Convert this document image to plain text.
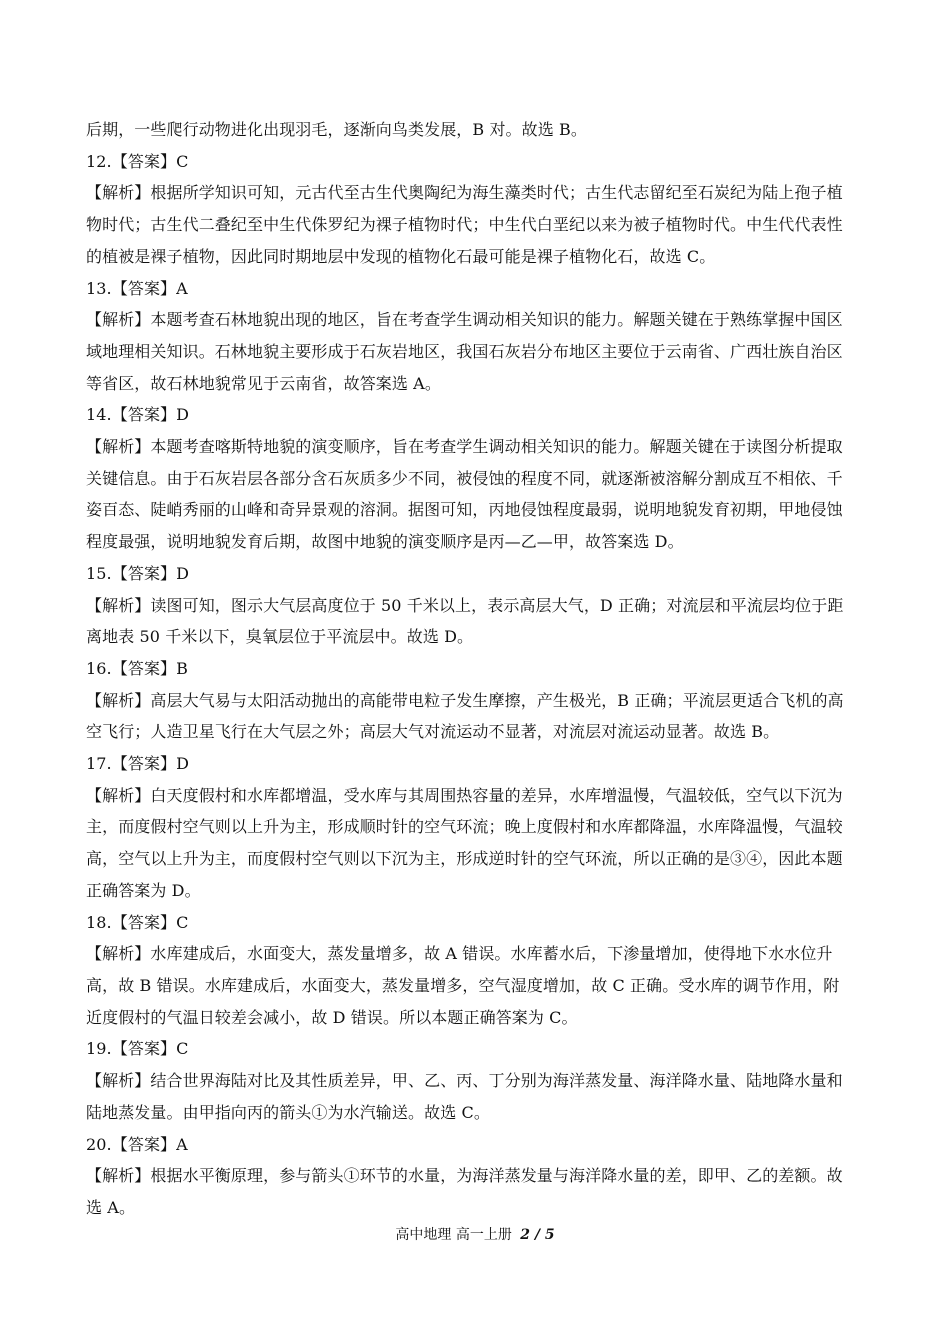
后期，一些爬行动物进化出现羽毛，逐渐向鸟类发展，B 对。故选 B。
12.【答案】C
【解析】根据所学知识可知，元古代至古生代奥陶纪为海生藻类时代；古生代志留纪至石炭纪为陆上孢子植
物时代；古生代二叠纪至中生代侏罗纪为裸子植物时代；中生代白垩纪以来为被子植物时代。中生代代表性
的植被是裸子植物，因此同时期地层中发现的植物化石最可能是裸子植物化石，故选 C。
13.【答案】A
【解析】本题考查石林地貌出现的地区，旨在考查学生调动相关知识的能力。解题关键在于熟练掌握中国区
域地理相关知识。石林地貌主要形成于石灰岩地区，我国石灰岩分布地区主要位于云南省、广西壮族自治区
等省区，故石林地貌常见于云南省，故答案选 A。
14.【答案】D
【解析】本题考查喀斯特地貌的演变顺序，旨在考查学生调动相关知识的能力。解题关键在于读图分析提取
关键信息。由于石灰岩层各部分含石灰质多少不同，被侵蚀的程度不同，就逐渐被溶解分割成互不相依、千
姿百态、陡峭秀丽的山峰和奇异景观的溶洞。据图可知，丙地侵蚀程度最弱，说明地貌发育初期，甲地侵蚀
程度最强，说明地貌发育后期，故图中地貌的演变顺序是丙—乙—甲，故答案选 D。
15.【答案】D
【解析】读图可知，图示大气层高度位于 50 千米以上，表示高层大气，D 正确；对流层和平流层均位于距
离地表 50 千米以下，臭氧层位于平流层中。故选 D。
16.【答案】B
【解析】高层大气易与太阳活动抛出的高能带电粒子发生摩擦，产生极光，B 正确；平流层更适合飞机的高
空飞行；人造卫星飞行在大气层之外；高层大气对流运动不显著，对流层对流运动显著。故选 B。
17.【答案】D
【解析】白天度假村和水库都增温，受水库与其周围热容量的差异，水库增温慢，气温较低，空气以下沉为
主，而度假村空气则以上升为主，形成顺时针的空气环流；晚上度假村和水库都降温，水库降温慢，气温较
高，空气以上升为主，而度假村空气则以下沉为主，形成逆时针的空气环流，所以正确的是③④，因此本题
正确答案为 D。
18.【答案】C
【解析】水库建成后，水面变大，蒸发量增多，故 A 错误。水库蓄水后，下渗量增加，使得地下水水位升
高，故 B 错误。水库建成后，水面变大，蒸发量增多，空气湿度增加，故 C 正确。受水库的调节作用，附
近度假村的气温日较差会减小，故 D 错误。所以本题正确答案为 C。
19.【答案】C
【解析】结合世界海陆对比及其性质差异，甲、乙、丙、丁分别为海洋蒸发量、海洋降水量、陆地降水量和
陆地蒸发量。由甲指向丙的箭头①为水汽输送。故选 C。
20.【答案】A
【解析】根据水平衡原理，参与箭头①环节的水量，为海洋蒸发量与海洋降水量的差，即甲、乙的差额。故
选 A。
高中地理 高一上册 2 / 5
